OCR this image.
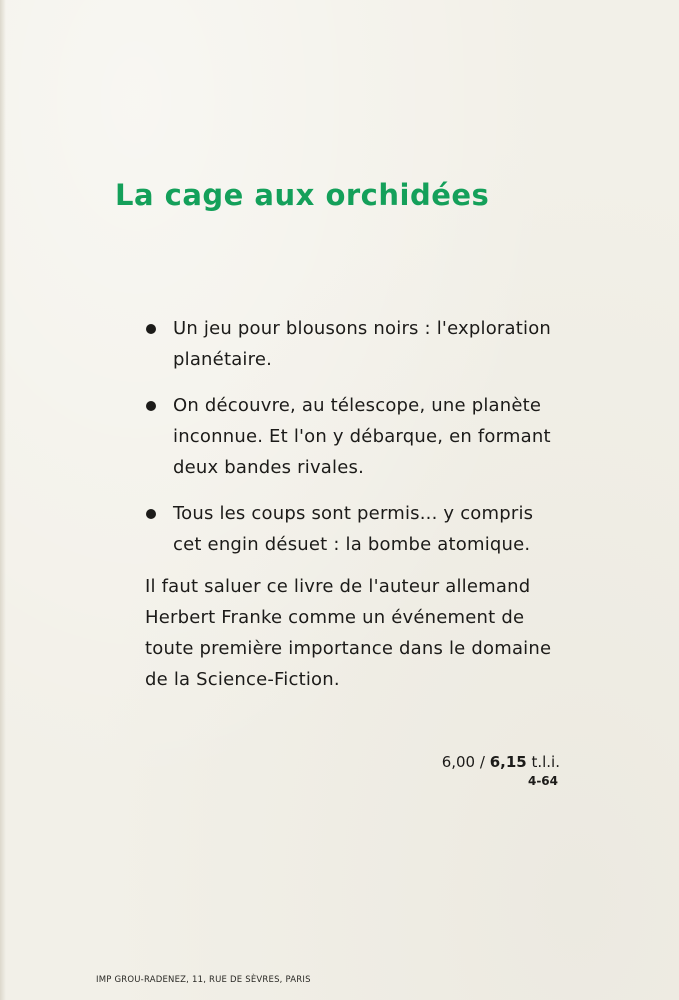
La cage aux orchidées
Un jeu pour blousons noirs : l'exploration planétaire.
On découvre, au télescope, une planète inconnue. Et l'on y débarque, en formant deux bandes rivales.
Tous les coups sont permis... y compris cet engin désuet : la bombe atomique.

Il faut saluer ce livre de l'auteur allemand Herbert Franke comme un événement de toute première importance dans le domaine de la Science-Fiction.

6,00 / 6,15 t.l.i.
4-64
IMP GROU-RADENEZ, 11, RUE DE SÈVRES, PARIS
